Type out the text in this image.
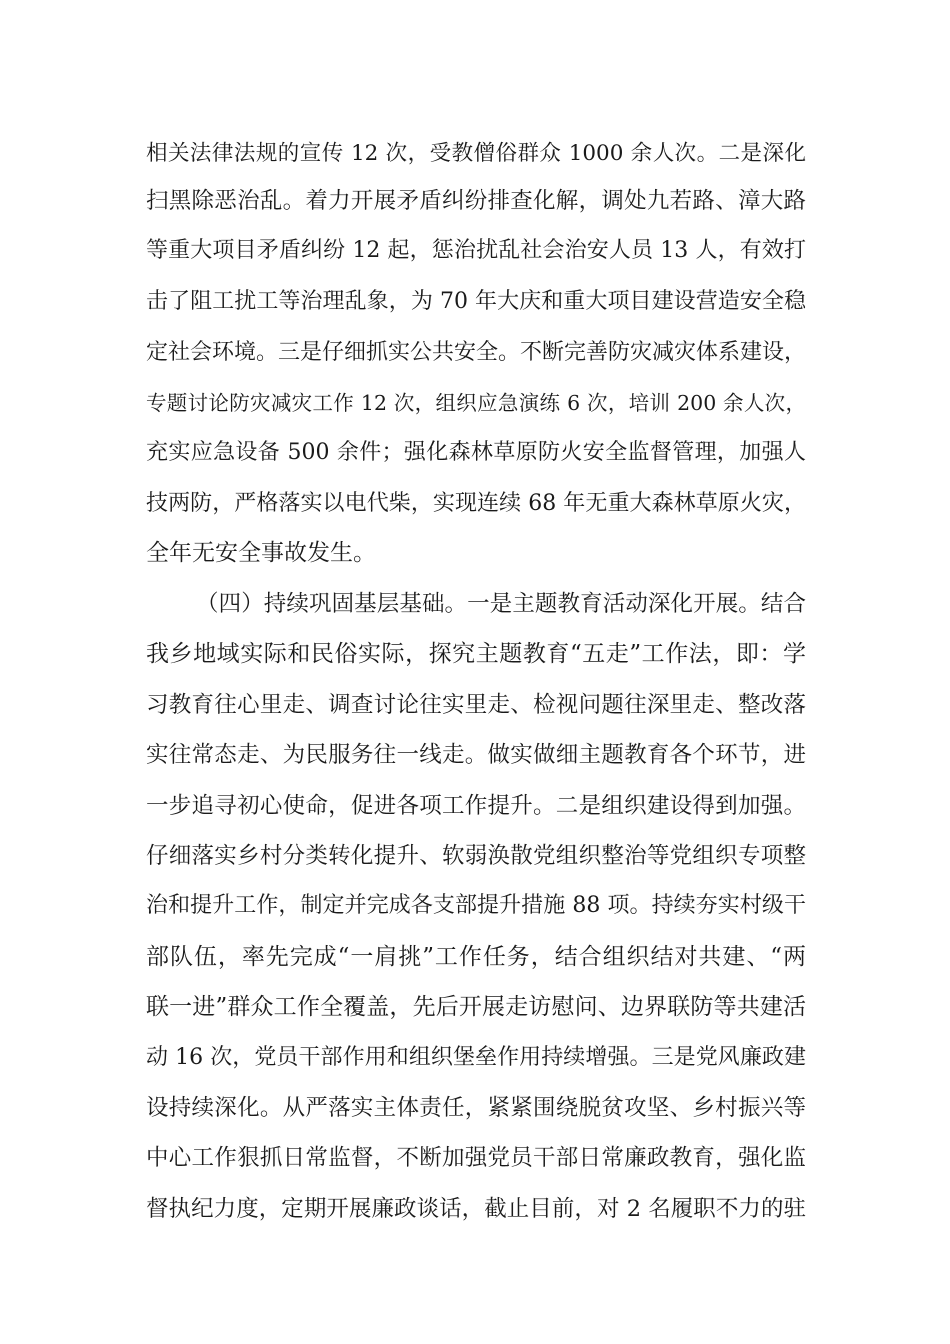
相关法律法规的宣传 12 次，受教僧俗群众 1000 余人次。二是深化
扫黑除恶治乱。着力开展矛盾纠纷排查化解，调处九若路、漳大路
等重大项目矛盾纠纷 12 起，惩治扰乱社会治安人员 13 人，有效打
击了阻工扰工等治理乱象，为 70 年大庆和重大项目建设营造安全稳
定社会环境。三是仔细抓实公共安全。不断完善防灾减灾体系建设，
专题讨论防灾减灾工作 12 次，组织应急演练 6 次，培训 200 余人次，
充实应急设备 500 余件；强化森林草原防火安全监督管理，加强人
技两防，严格落实以电代柴，实现连续 68 年无重大森林草原火灾，
全年无安全事故发生。
（四）持续巩固基层基础。一是主题教育活动深化开展。结合
我乡地域实际和民俗实际，探究主题教育“五走”工作法，即：学
习教育往心里走、调查讨论往实里走、检视问题往深里走、整改落
实往常态走、为民服务往一线走。做实做细主题教育各个环节，进
一步追寻初心使命，促进各项工作提升。二是组织建设得到加强。
仔细落实乡村分类转化提升、软弱涣散党组织整治等党组织专项整
治和提升工作，制定并完成各支部提升措施 88 项。持续夯实村级干
部队伍，率先完成“一肩挑”工作任务，结合组织结对共建、“两
联一进”群众工作全覆盖，先后开展走访慰问、边界联防等共建活
动 16 次，党员干部作用和组织堡垒作用持续增强。三是党风廉政建
设持续深化。从严落实主体责任，紧紧围绕脱贫攻坚、乡村振兴等
中心工作狠抓日常监督，不断加强党员干部日常廉政教育，强化监
督执纪力度，定期开展廉政谈话，截止目前，对 2 名履职不力的驻
